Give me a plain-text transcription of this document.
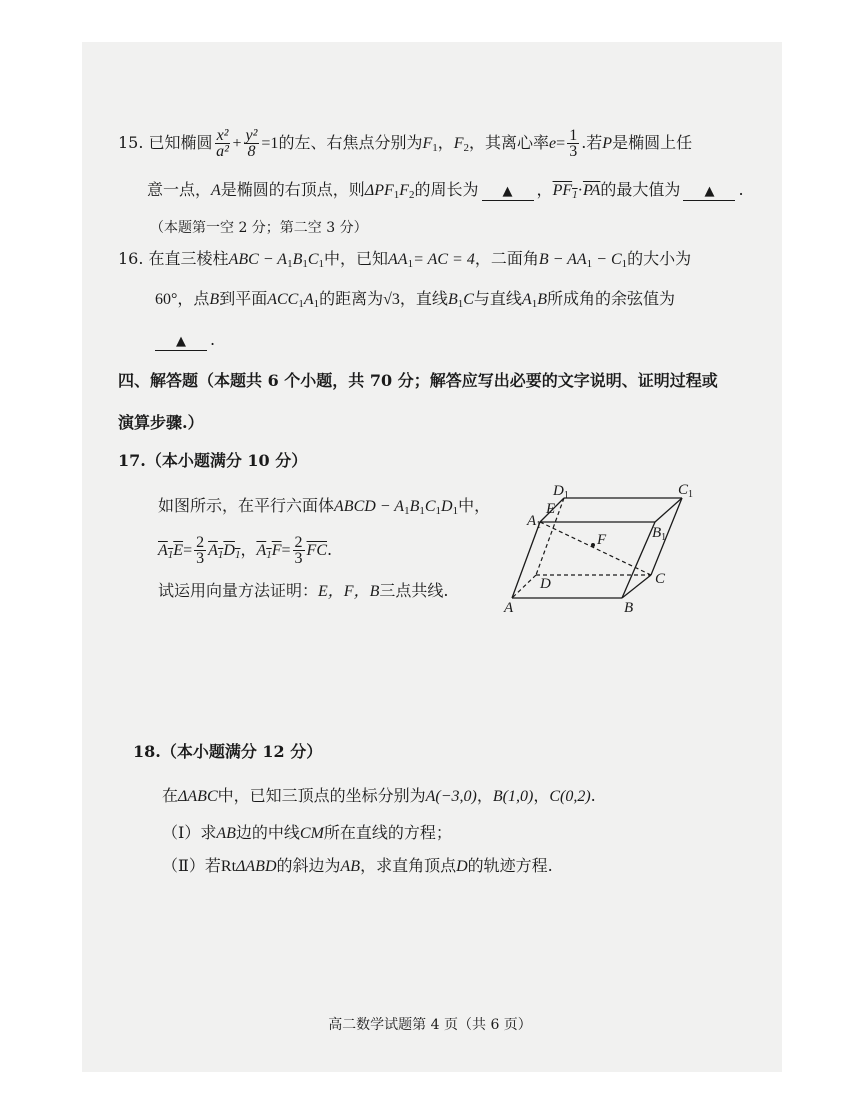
15. 已知椭圆 $\frac{\text{x²}}{\text{a²}} + \frac{\text{y²}}{8} =1$的左、右焦点分别为$F_1$，$F_2$，其离心率$e= \frac{1}{3}$ .若P是椭圆上任
意一点，A是椭圆的右顶点，则$\Delta PF_1F_2$的周长为 ▲ ，$PF_1\cdot\overline{PA}$的最大值为 ▲ .
（本题第一空 2 分；第二空 3 分）
16. 在直三棱柱ABC − $A_1B_1C_1$中，已知$AA_1=$ AC = 4，二面角$B - AA_1 - C_1$的大小为
60°，点B到平面$ACC_1A_1$的距离为√3，直线$B_1C$与直线$A_1B$所成角的余弦值为
▲ .
四、解答题（本题共 6 个小题，共 70 分；解答应写出必要的文字说明、证明过程或
演算步骤.）
17.（本小题满分 10 分）
如图所示，在平行六面体ABCD − $A_1B_1C_1D_1$中，
$A_1E= \frac{2}{3} A_1D_1$，$A_1F= \frac{2}{3} \overline{FC}$.
试运用向量方法证明：E，F，B三点共线.
$D_1$	$C_1$
E
$A_1$
F	$B_1$
D	C
A	B
18.（本小题满分 12 分）
在ΔABC中，已知三顶点的坐标分别为A(−3,0)，B(1,0)，C(0,2).
（Ⅰ）求AB边的中线CM所在直线的方程；
（Ⅱ）若RtΔABD的斜边为AB，求直角顶点D的轨迹方程.
高二数学试题第 4 页（共 6 页）
